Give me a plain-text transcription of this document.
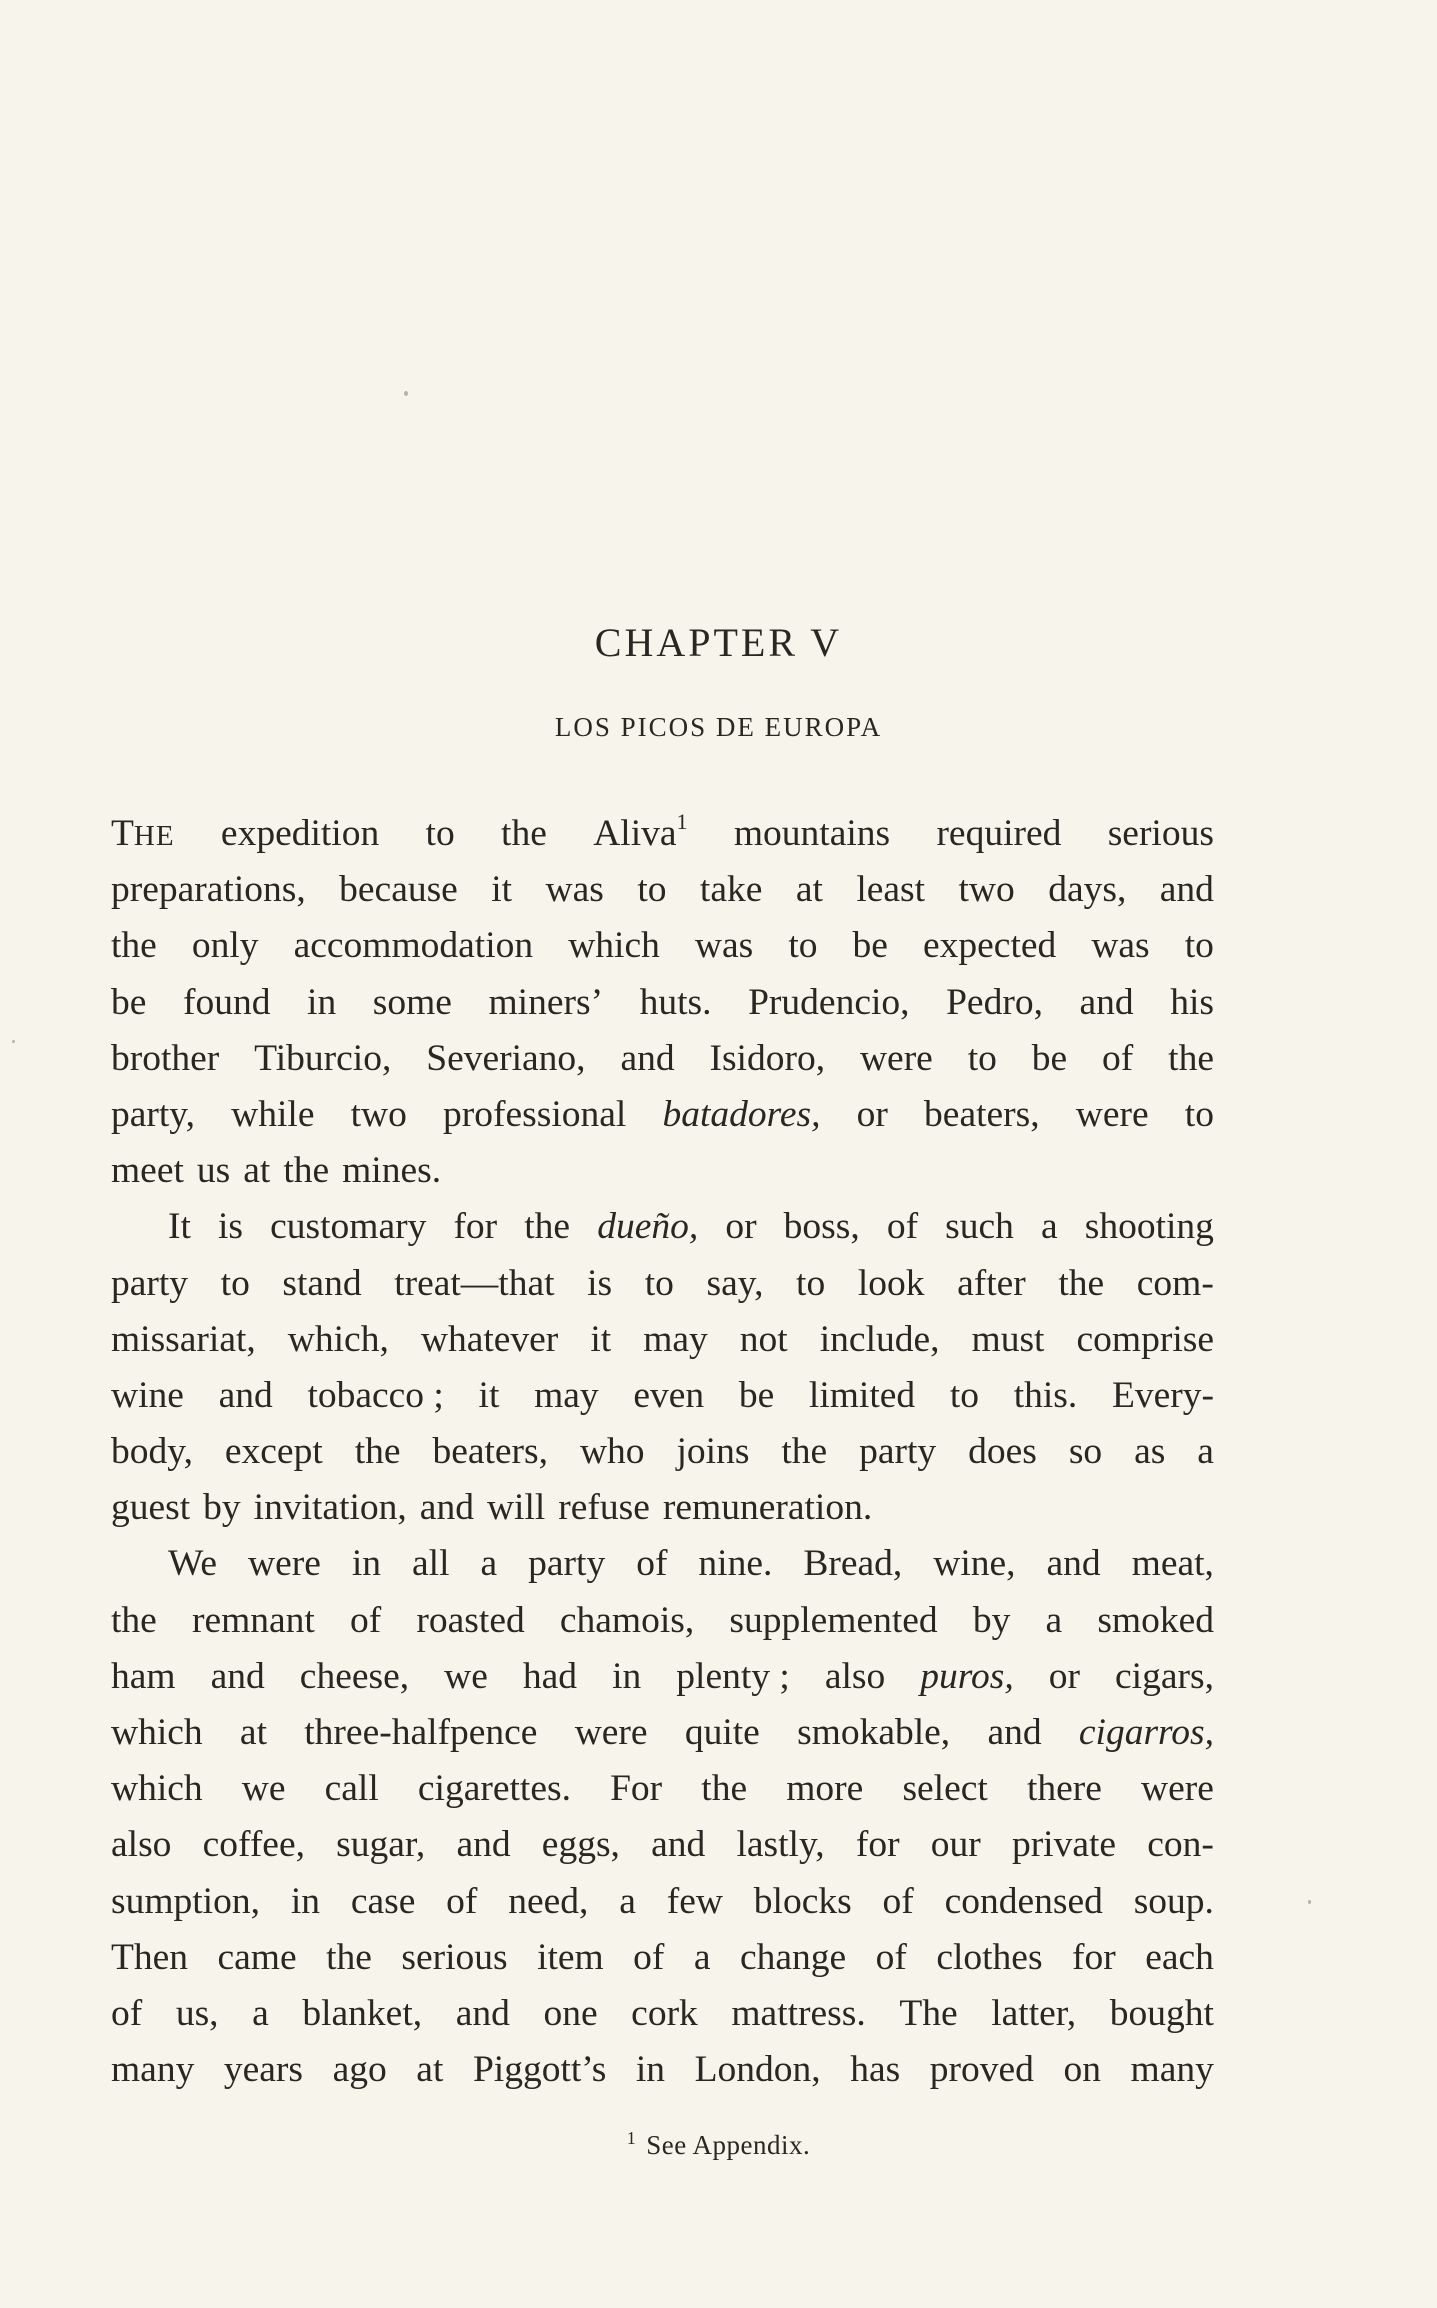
CHAPTER V
LOS PICOS DE EUROPA
THE expedition to the Aliva$^1$ mountains required serious
preparations, because it was to take at least two days, and
the only accommodation which was to be expected was to
be found in some miners’ huts. Prudencio, Pedro, and his
brother Tiburcio, Severiano, and Isidoro, were to be of the
party, while two professional batadores, or beaters, were to
meet us at the mines.
It is customary for the dueño, or boss, of such a shooting
party to stand treat—that is to say, to look after the com-
missariat, which, whatever it may not include, must comprise
wine and tobacco ; it may even be limited to this. Every-
body, except the beaters, who joins the party does so as a
guest by invitation, and will refuse remuneration.
We were in all a party of nine. Bread, wine, and meat,
the remnant of roasted chamois, supplemented by a smoked
ham and cheese, we had in plenty ; also puros, or cigars,
which at three-halfpence were quite smokable, and cigarros,
which we call cigarettes. For the more select there were
also coffee, sugar, and eggs, and lastly, for our private con-
sumption, in case of need, a few blocks of condensed soup.
Then came the serious item of a change of clothes for each
of us, a blanket, and one cork mattress. The latter, bought
many years ago at Piggott’s in London, has proved on many
$^1$ See Appendix.
